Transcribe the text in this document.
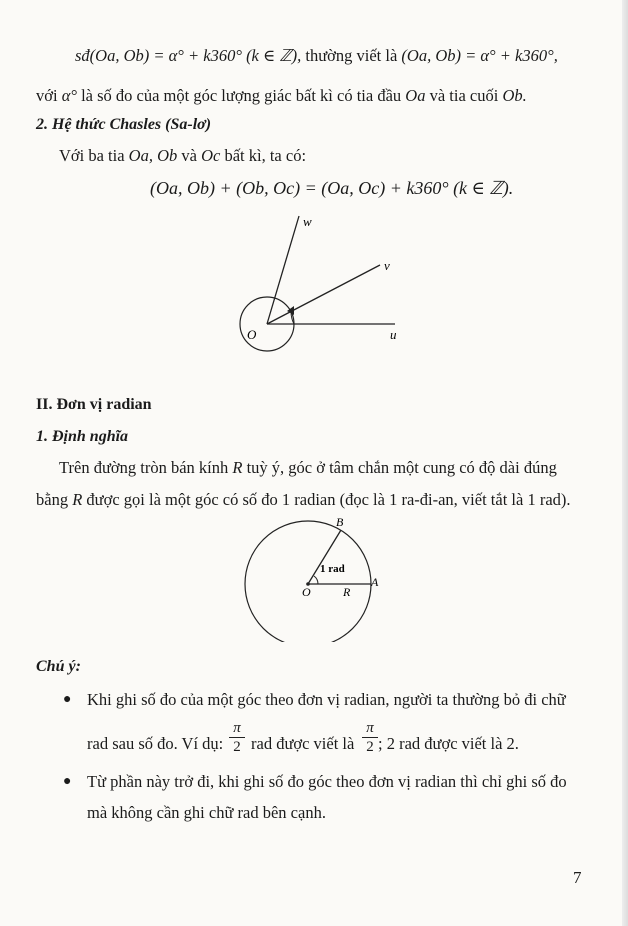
sđ(Oa, Ob) = α° + k360° (k ∈ ℤ), thường viết là (Oa, Ob) = α° + k360°,
với α° là số đo của một góc lượng giác bất kì có tia đầu Oa và tia cuối Ob.
2. Hệ thức Chasles (Sa-lơ)
Với ba tia Oa, Ob và Oc bất kì, ta có:
(Oa, Ob) + (Ob, Oc) = (Oa, Oc) + k360° (k ∈ ℤ).
w
v
u
O
II. Đơn vị radian
1. Định nghĩa
Trên đường tròn bán kính R tuỳ ý, góc ở tâm chắn một cung có độ dài đúng
bằng R được gọi là một góc có số đo 1 radian (đọc là 1 ra-đi-an, viết tắt là 1 rad).
B
A
O	R
1 rad
Chú ý:
● Khi ghi số đo của một góc theo đơn vị radian, người ta thường bỏ đi chữ
rad sau số đo. Ví dụ:
π
2 rad được viết là
π
2 ; 2 rad được viết là 2.
● Từ phần này trở đi, khi ghi số đo góc theo đơn vị radian thì chỉ ghi số đo
mà không cần ghi chữ rad bên cạnh.
7
